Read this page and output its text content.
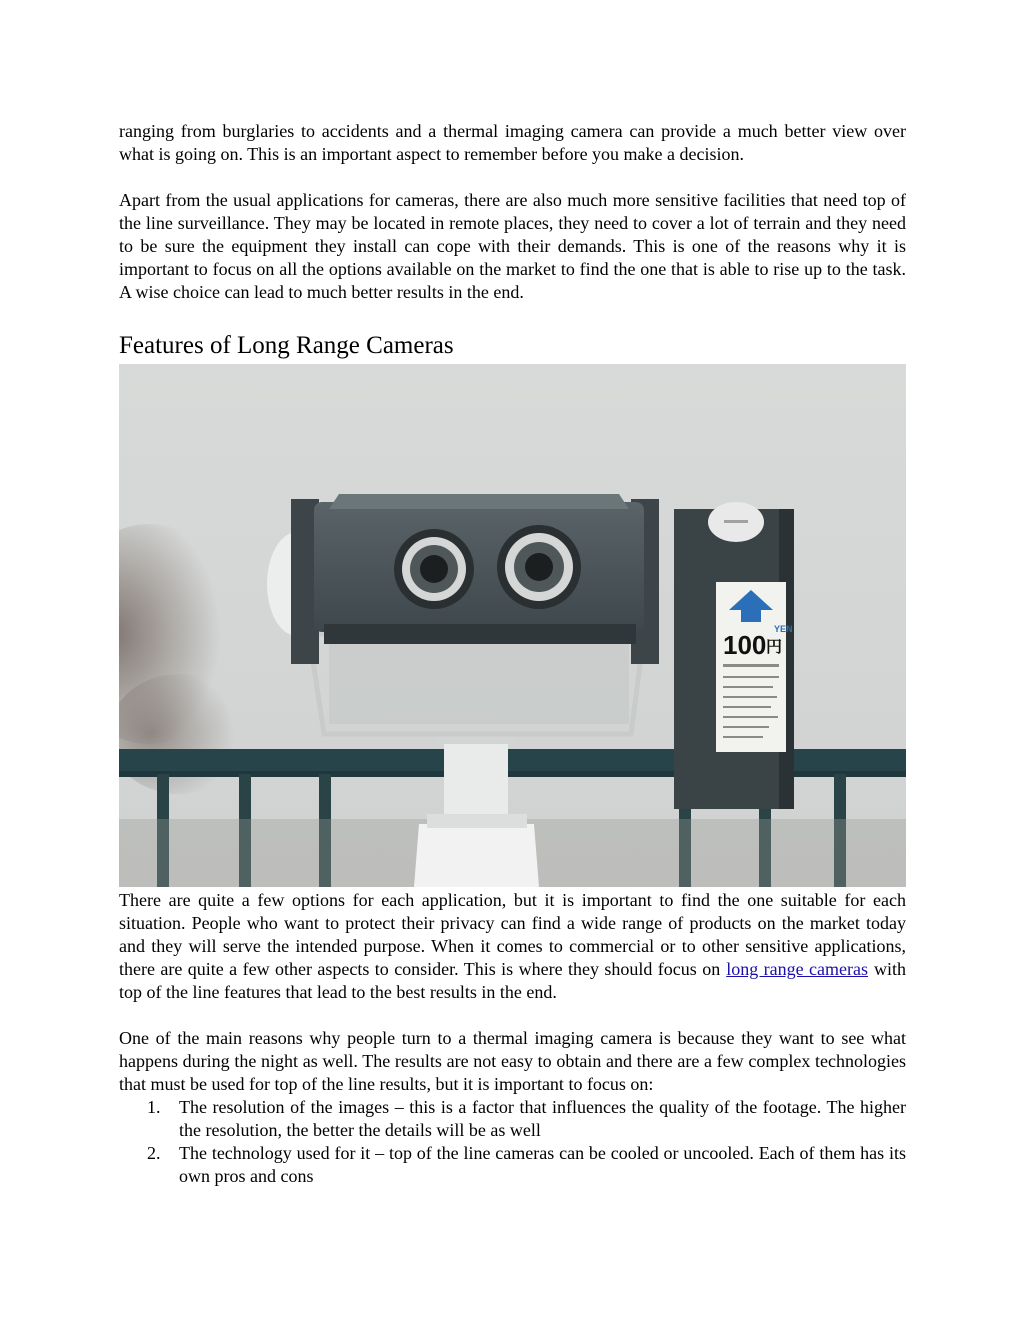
ranging from burglaries to accidents and a thermal imaging camera can provide a much better view over what is going on. This is an important aspect to remember before you make a decision.

Apart from the usual applications for cameras, there are also much more sensitive facilities that need top of the line surveillance. They may be located in remote places, they need to cover a lot of terrain and they need to be sure the equipment they install can cope with their demands. This is one of the reasons why it is important to focus on all the options available on the market to find the one that is able to rise up to the task. A wise choice can lead to much better results in the end.

Features of Long Range Cameras
YEN
100 円

There are quite a few options for each application, but it is important to find the one suitable for each situation. People who want to protect their privacy can find a wide range of products on the market today and they will serve the intended purpose. When it comes to commercial or to other sensitive applications, there are quite a few other aspects to consider. This is where they should focus on long range cameras with top of the line features that lead to the best results in the end.

One of the main reasons why people turn to a thermal imaging camera is because they want to see what happens during the night as well. The results are not easy to obtain and there are a few complex technologies that must be used for top of the line results, but it is important to focus on:

1. The resolution of the images – this is a factor that influences the quality of the footage. The higher the resolution, the better the details will be as well
2. The technology used for it – top of the line cameras can be cooled or uncooled. Each of them has its own pros and cons
